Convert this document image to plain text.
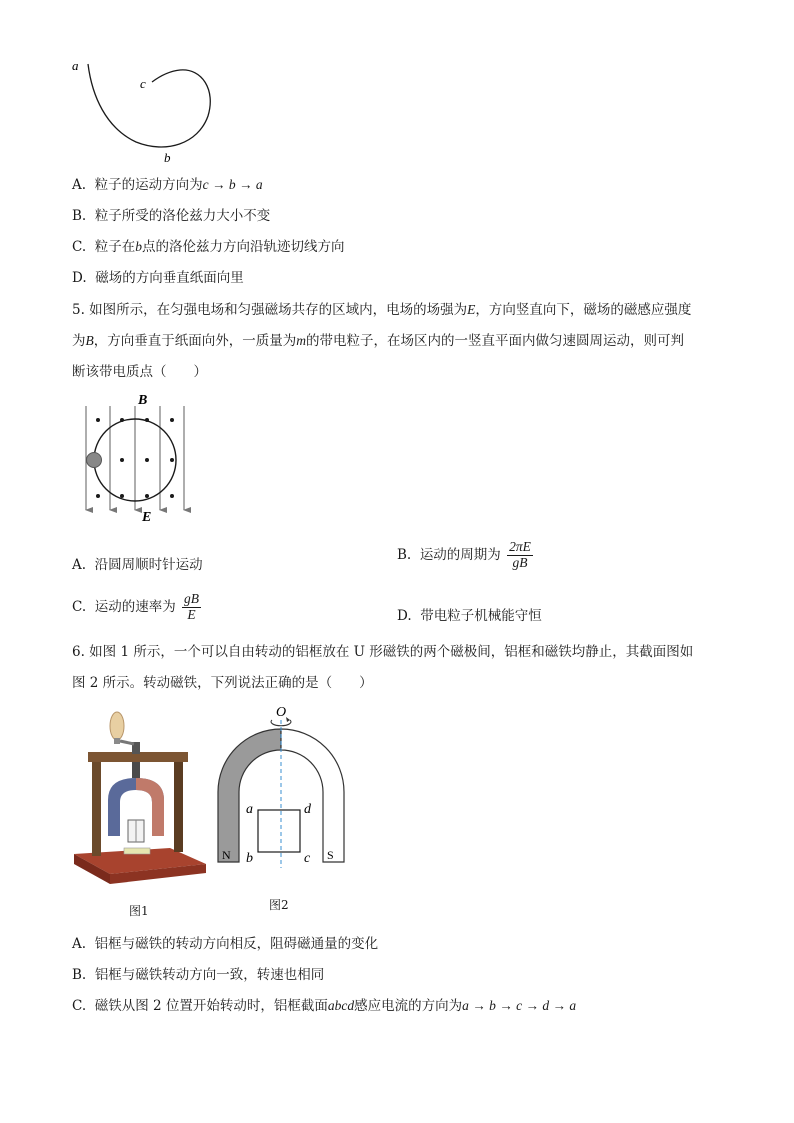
a
c
b
A. 粒子的运动方向为c → b → a
B. 粒子所受的洛伦兹力大小不变
C. 粒子在b点的洛伦兹力方向沿轨迹切线方向
D. 磁场的方向垂直纸面向里
5. 如图所示，在匀强电场和匀强磁场共存的区域内，电场的场强为E，方向竖直向下，磁场的磁感应强度
为B，方向垂直于纸面向外，一质量为m的带电粒子，在场区内的一竖直平面内做匀速圆周运动，则可判
断该带电质点（　　）
B
E
A. 沿圆周顺时针运动
B. 运动的周期为 $\frac{2\pi E}{gB}$
C. 运动的速率为 $\frac{gB}{E}$	D. 带电粒子机械能守恒
6. 如图 1 所示，一个可以自由转动的铝框放在 U 形磁铁的两个磁极间，铝框和磁铁均静止，其截面图如
图 2 所示。转动磁铁，下列说法正确的是（　　）
图1
O
a	d
b	c
N	S
图2
A. 铝框与磁铁的转动方向相反，阻碍磁通量的变化
B. 铝框与磁铁转动方向一致，转速也相同
C. 磁铁从图 2 位置开始转动时，铝框截面abcd感应电流的方向为a → b → c → d → a
